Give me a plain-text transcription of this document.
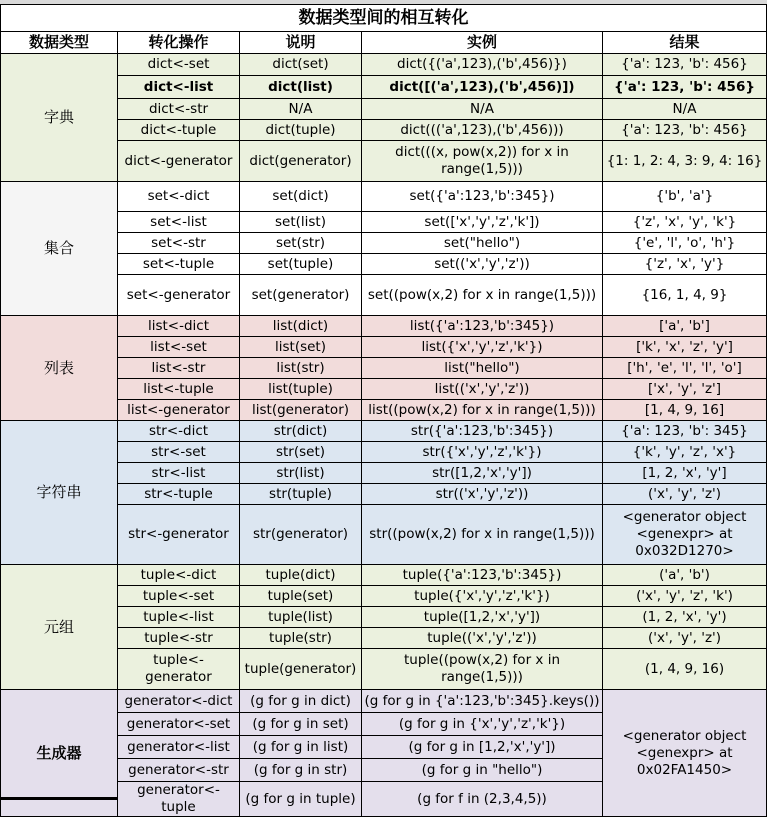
数据类型间的相互转化				
数据类型	转化操作	说明	实例	结果
字典	dict<-set	dict(set)	dict({('a',123),('b',456)})	{'a': 123, 'b': 456}
	dict<-list	dict(list)	dict([('a',123),('b',456)])	{'a': 123, 'b': 456}
	dict<-str	N/A	N/A	N/A
	dict<-tuple	dict(tuple)	dict((('a',123),('b',456)))	{'a': 123, 'b': 456}
	dict<-generator	dict(generator)	dict(((x, pow(x,2)) for x in range(1,5)))	{1: 1, 2: 4, 3: 9, 4: 16}
集合	set<-dict	set(dict)	set({'a':123,'b':345})	{'b', 'a'}
	set<-list	set(list)	set(['x','y','z','k'])	{'z', 'x', 'y', 'k'}
	set<-str	set(str)	set("hello")	{'e', 'l', 'o', 'h'}
	set<-tuple	set(tuple)	set(('x','y','z'))	{'z', 'x', 'y'}
	set<-generator	set(generator)	set((pow(x,2) for x in range(1,5)))	{16, 1, 4, 9}
列表	list<-dict	list(dict)	list({'a':123,'b':345})	['a', 'b']
	list<-set	list(set)	list({'x','y','z','k'})	['k', 'x', 'z', 'y']
	list<-str	list(str)	list("hello")	['h', 'e', 'l', 'l', 'o']
	list<-tuple	list(tuple)	list(('x','y','z'))	['x', 'y', 'z']
	list<-generator	list(generator)	list((pow(x,2) for x in range(1,5)))	[1, 4, 9, 16]
字符串	str<-dict	str(dict)	str({'a':123,'b':345})	{'a': 123, 'b': 345}
	str<-set	str(set)	str({'x','y','z','k'})	{'k', 'y', 'z', 'x'}
	str<-list	str(list)	str([1,2,'x','y'])	[1, 2, 'x', 'y']
	str<-tuple	str(tuple)	str(('x','y','z'))	('x', 'y', 'z')
	str<-generator	str(generator)	str((pow(x,2) for x in range(1,5)))	<generator object <genexpr> at 0x032D1270>
元组	tuple<-dict	tuple(dict)	tuple({'a':123,'b':345})	('a', 'b')
	tuple<-set	tuple(set)	tuple({'x','y','z','k'})	('x', 'y', 'z', 'k')
	tuple<-list	tuple(list)	tuple([1,2,'x','y'])	(1, 2, 'x', 'y')
	tuple<-str	tuple(str)	tuple(('x','y','z'))	('x', 'y', 'z')
	tuple<-generator	tuple(generator)	tuple((pow(x,2) for x in range(1,5)))	(1, 4, 9, 16)
生成器	generator<-dict	(g for g in dict)	(g for g in {'a':123,'b':345}.keys())	<generator object <genexpr> at 0x02FA1450>
	generator<-set	(g for g in set)	(g for g in {'x','y','z','k'})	
	generator<-list	(g for g in list)	(g for g in [1,2,'x','y'])	
	generator<-str	(g for g in str)	(g for g in "hello")	
	generator<-tuple	(g for g in tuple)	(g for f in (2,3,4,5))	
